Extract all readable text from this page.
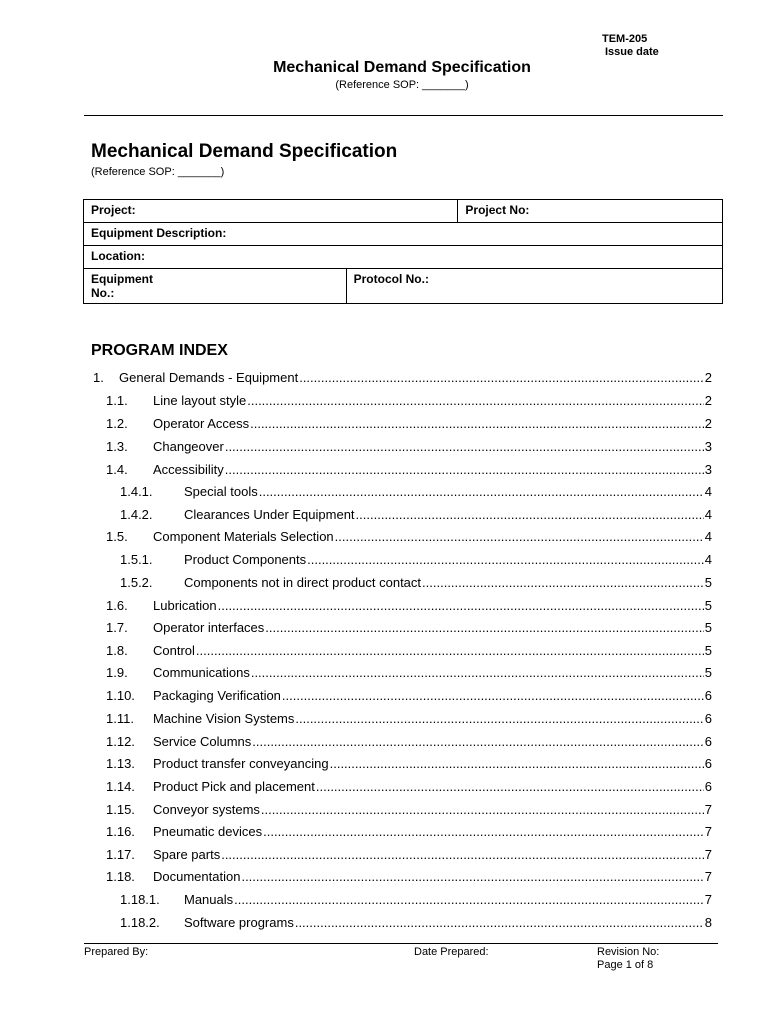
TEM-205
Issue date
Mechanical Demand Specification
(Reference SOP: _______)
Mechanical Demand Specification
(Reference SOP: _______)
Project:		Project No:
Equipment Description:		
Location:		

Equipment
No.:	Protocol No.:	
PROGRAM INDEX
1.	General Demands - Equipment .....	2
1.1.	Line layout style .....	2
1.2.	Operator Access .....	2
1.3.	Changeover .....	3
1.4.	Accessibility .....	3
1.4.1.	Special tools .....	4
1.4.2.	Clearances Under Equipment .....	4
1.5.	Component Materials Selection .....	4
1.5.1.	Product Components .....	4
1.5.2.	Components not in direct product contact .....	5
1.6.	Lubrication .....	5
1.7.	Operator interfaces .....	5
1.8.	Control .....	5
1.9.	Communications .....	5
1.10.	Packaging Verification .....	6
1.11.	Machine Vision Systems .....	6
1.12.	Service Columns .....	6
1.13.	Product transfer conveyancing .....	6
1.14.	Product Pick and placement .....	6
1.15.	Conveyor systems .....	7
1.16.	Pneumatic devices .....	7
1.17.	Spare parts .....	7
1.18.	Documentation .....	7
1.18.1.	Manuals .....	7
1.18.2.	Software programs .....	8
Prepared By:	Date Prepared:	Revision No:
Page 1 of 8
